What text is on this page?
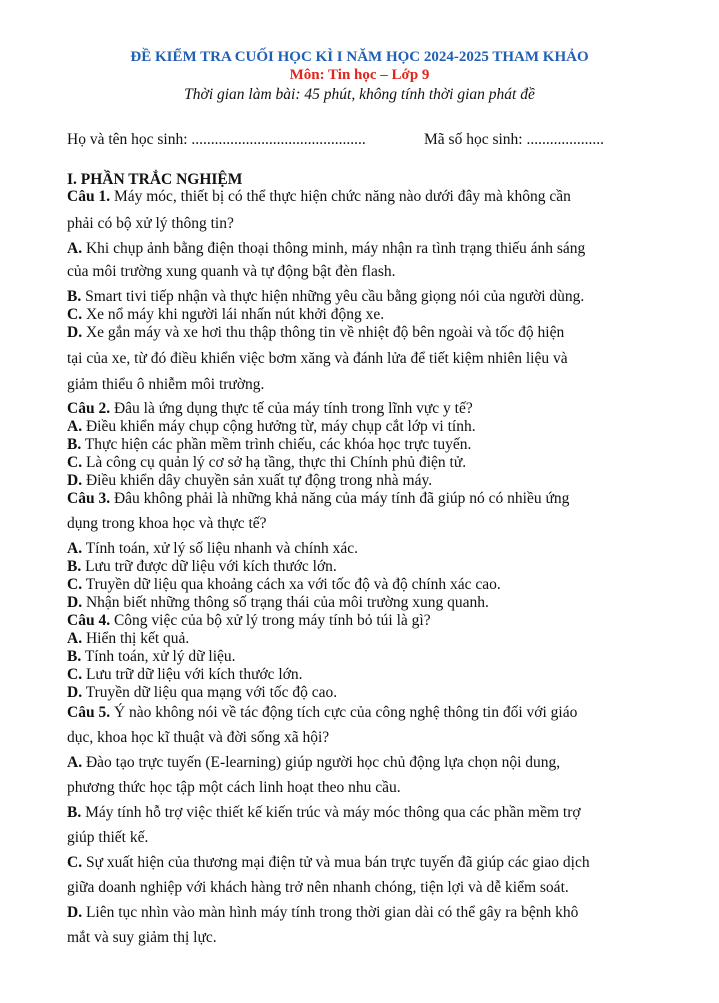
ĐỀ KIỂM TRA CUỐI HỌC KÌ I NĂM HỌC 2024-2025 THAM KHẢO
Môn: Tin học – Lớp 9
Thời gian làm bài: 45 phút, không tính thời gian phát đề
Họ và tên học sinh: .............................................	Mã số học sinh: ....................
I. PHẦN TRẮC NGHIỆM
Câu 1. Máy móc, thiết bị có thể thực hiện chức năng nào dưới đây mà không cần
phải có bộ xử lý thông tin?
A. Khi chụp ảnh bằng điện thoại thông minh, máy nhận ra tình trạng thiếu ánh sáng
của môi trường xung quanh và tự động bật đèn flash.
B. Smart tivi tiếp nhận và thực hiện những yêu cầu bằng giọng nói của người dùng.
C. Xe nổ máy khi người lái nhấn nút khởi động xe.
D. Xe gắn máy và xe hơi thu thập thông tin về nhiệt độ bên ngoài và tốc độ hiện
tại của xe, từ đó điều khiển việc bơm xăng và đánh lửa để tiết kiệm nhiên liệu và
giảm thiểu ô nhiễm môi trường.
Câu 2. Đâu là ứng dụng thực tế của máy tính trong lĩnh vực y tế?
A. Điều khiển máy chụp cộng hưởng từ, máy chụp cắt lớp vi tính.
B. Thực hiện các phần mềm trình chiếu, các khóa học trực tuyến.
C. Là công cụ quản lý cơ sở hạ tầng, thực thi Chính phủ điện tử.
D. Điều khiển dây chuyền sản xuất tự động trong nhà máy.
Câu 3. Đâu không phải là những khả năng của máy tính đã giúp nó có nhiều ứng
dụng trong khoa học và thực tế?
A. Tính toán, xử lý số liệu nhanh và chính xác.
B. Lưu trữ được dữ liệu với kích thước lớn.
C. Truyền dữ liệu qua khoảng cách xa với tốc độ và độ chính xác cao.
D. Nhận biết những thông số trạng thái của môi trường xung quanh.
Câu 4. Công việc của bộ xử lý trong máy tính bỏ túi là gì?
A. Hiển thị kết quả.
B. Tính toán, xử lý dữ liệu.
C. Lưu trữ dữ liệu với kích thước lớn.
D. Truyền dữ liệu qua mạng với tốc độ cao.
Câu 5. Ý nào không nói về tác động tích cực của công nghệ thông tin đối với giáo
dục, khoa học kĩ thuật và đời sống xã hội?
A. Đào tạo trực tuyến (E-learning) giúp người học chủ động lựa chọn nội dung,
phương thức học tập một cách linh hoạt theo nhu cầu.
B. Máy tính hỗ trợ việc thiết kế kiến trúc và máy móc thông qua các phần mềm trợ
giúp thiết kế.
C. Sự xuất hiện của thương mại điện tử và mua bán trực tuyến đã giúp các giao dịch
giữa doanh nghiệp với khách hàng trở nên nhanh chóng, tiện lợi và dễ kiểm soát.
D. Liên tục nhìn vào màn hình máy tính trong thời gian dài có thể gây ra bệnh khô
mắt và suy giảm thị lực.
